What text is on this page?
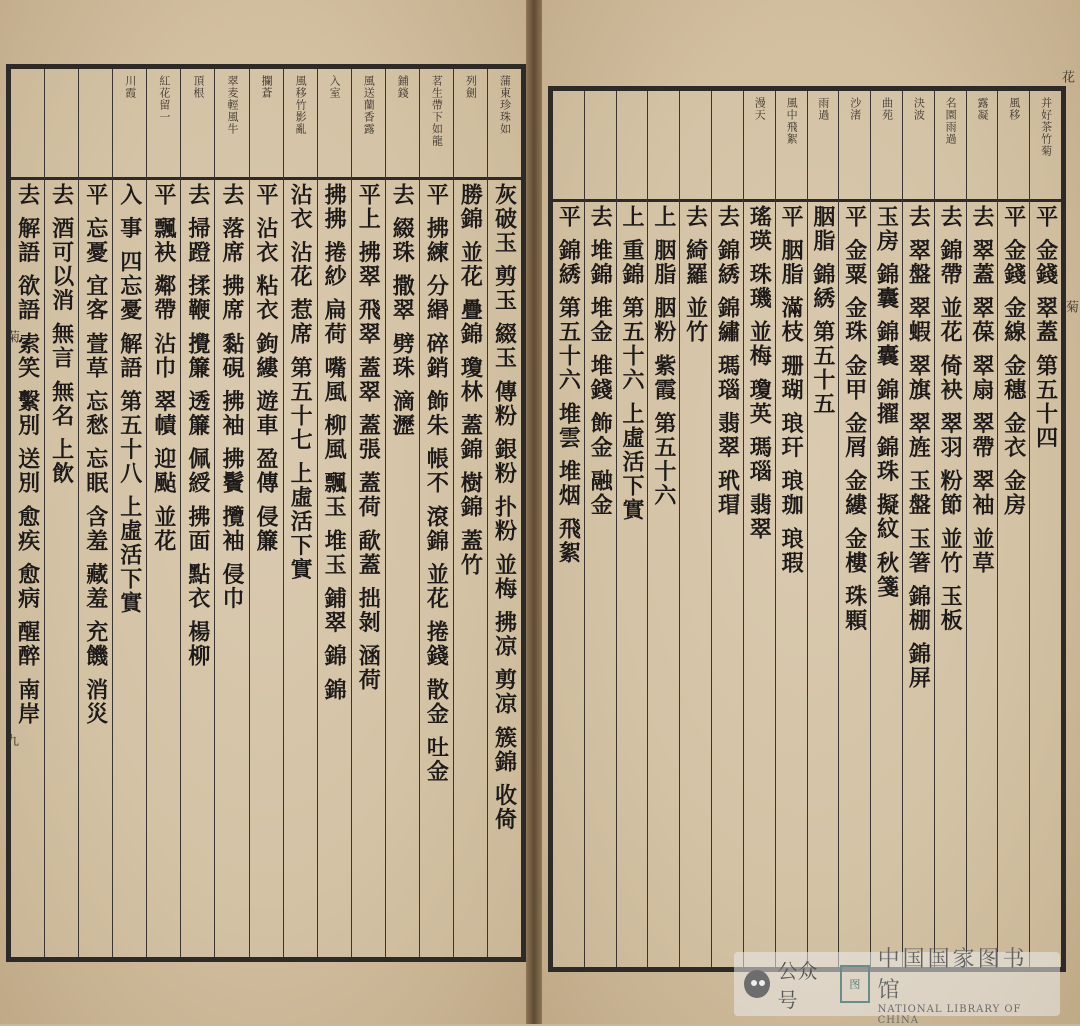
蒲東珍珠如
灰破玉 剪玉 綴玉 傳粉 銀粉 扑粉 並梅 拂凉 剪凉 簇錦 收倚
列劍
勝錦 並花 疊錦 瓊林 蓋錦 樹錦 蓋竹
茗生帶下如龍
平 拂練 分緡 碎銷 飾朱 帳不 滾錦 並花 捲錢 散金 吐金
鋪錢
去 綴珠 撒翠 劈珠 滴瀝
風送蘭香露
平上 拂翠 飛翠 蓋翠 蓋張 蓋荷 歃蓋 拙剝 涵荷
入室
拂拂 捲紗 扁荷 嘴風 柳風 飄玉 堆玉 鋪翠 錦 錦
風移竹影亂
沾衣 沾花 惹席 第五十七 上虛活下實
攔蒼
平 沾衣 粘衣 鉤縷 遊車 盈傳 侵簾
翠麦輕風牛
去 落席 拂席 黏硯 拂袖 拂鬢 攬袖 侵巾
頂根
去 掃蹬 揉鞭 攪簾 透簾 佩綬 拂面 點衣 楊柳
紅花留一
平 飄袂 鄰帶 沾巾 翠幘 迎颭 並花
川霞
入 事 四忘憂 解語 第五十八 上虛活下實
平 忘憂 宜客 萱草 忘愁 忘眠 含羞 藏羞 充饑 消災
去 酒可以消 無言 無名 上飲
去 解語 欲語 索笑 繫別 送別 愈疾 愈病 醒醉 南岸
菊
九
并好茶竹菊
平 金錢 翠蓋 第五十四
風移
平 金錢 金線 金穗 金衣 金房
露凝
去 翠蓋 翠葆 翠扇 翠帶 翠袖 並草
名園雨過
去 錦帶 並花 倚袂 翠羽 粉節 並竹 玉板
決波
去 翠盤 翠蝦 翠旗 翠旌 玉盤 玉箸 錦棚 錦屏
曲苑
玉房 錦囊 錦囊 錦擢 錦珠 擬紋 秋箋
沙渚
平 金粟 金珠 金甲 金屑 金縷 金樓 珠顆
雨過
胭脂 錦綉 第五十五
風中飛絮
平 胭脂 滿枝 珊瑚 琅玕 琅珈 琅瑕
漫天
瑤瑛 珠璣 並梅 瓊英 瑪瑙 翡翠
去 錦綉 錦繡 瑪瑙 翡翠 玳瑁
去 綺羅 並竹
上 胭脂 胭粉 紫霞 第五十六
上 重錦 第五十六 上虛活下實
去 堆錦 堆金 堆錢 飾金 融金
平 錦綉 第五十六 堆雲 堆烟 飛絮	菊
花
公众号
图
中国国家图书馆
NATIONAL LIBRARY OF CHINA
